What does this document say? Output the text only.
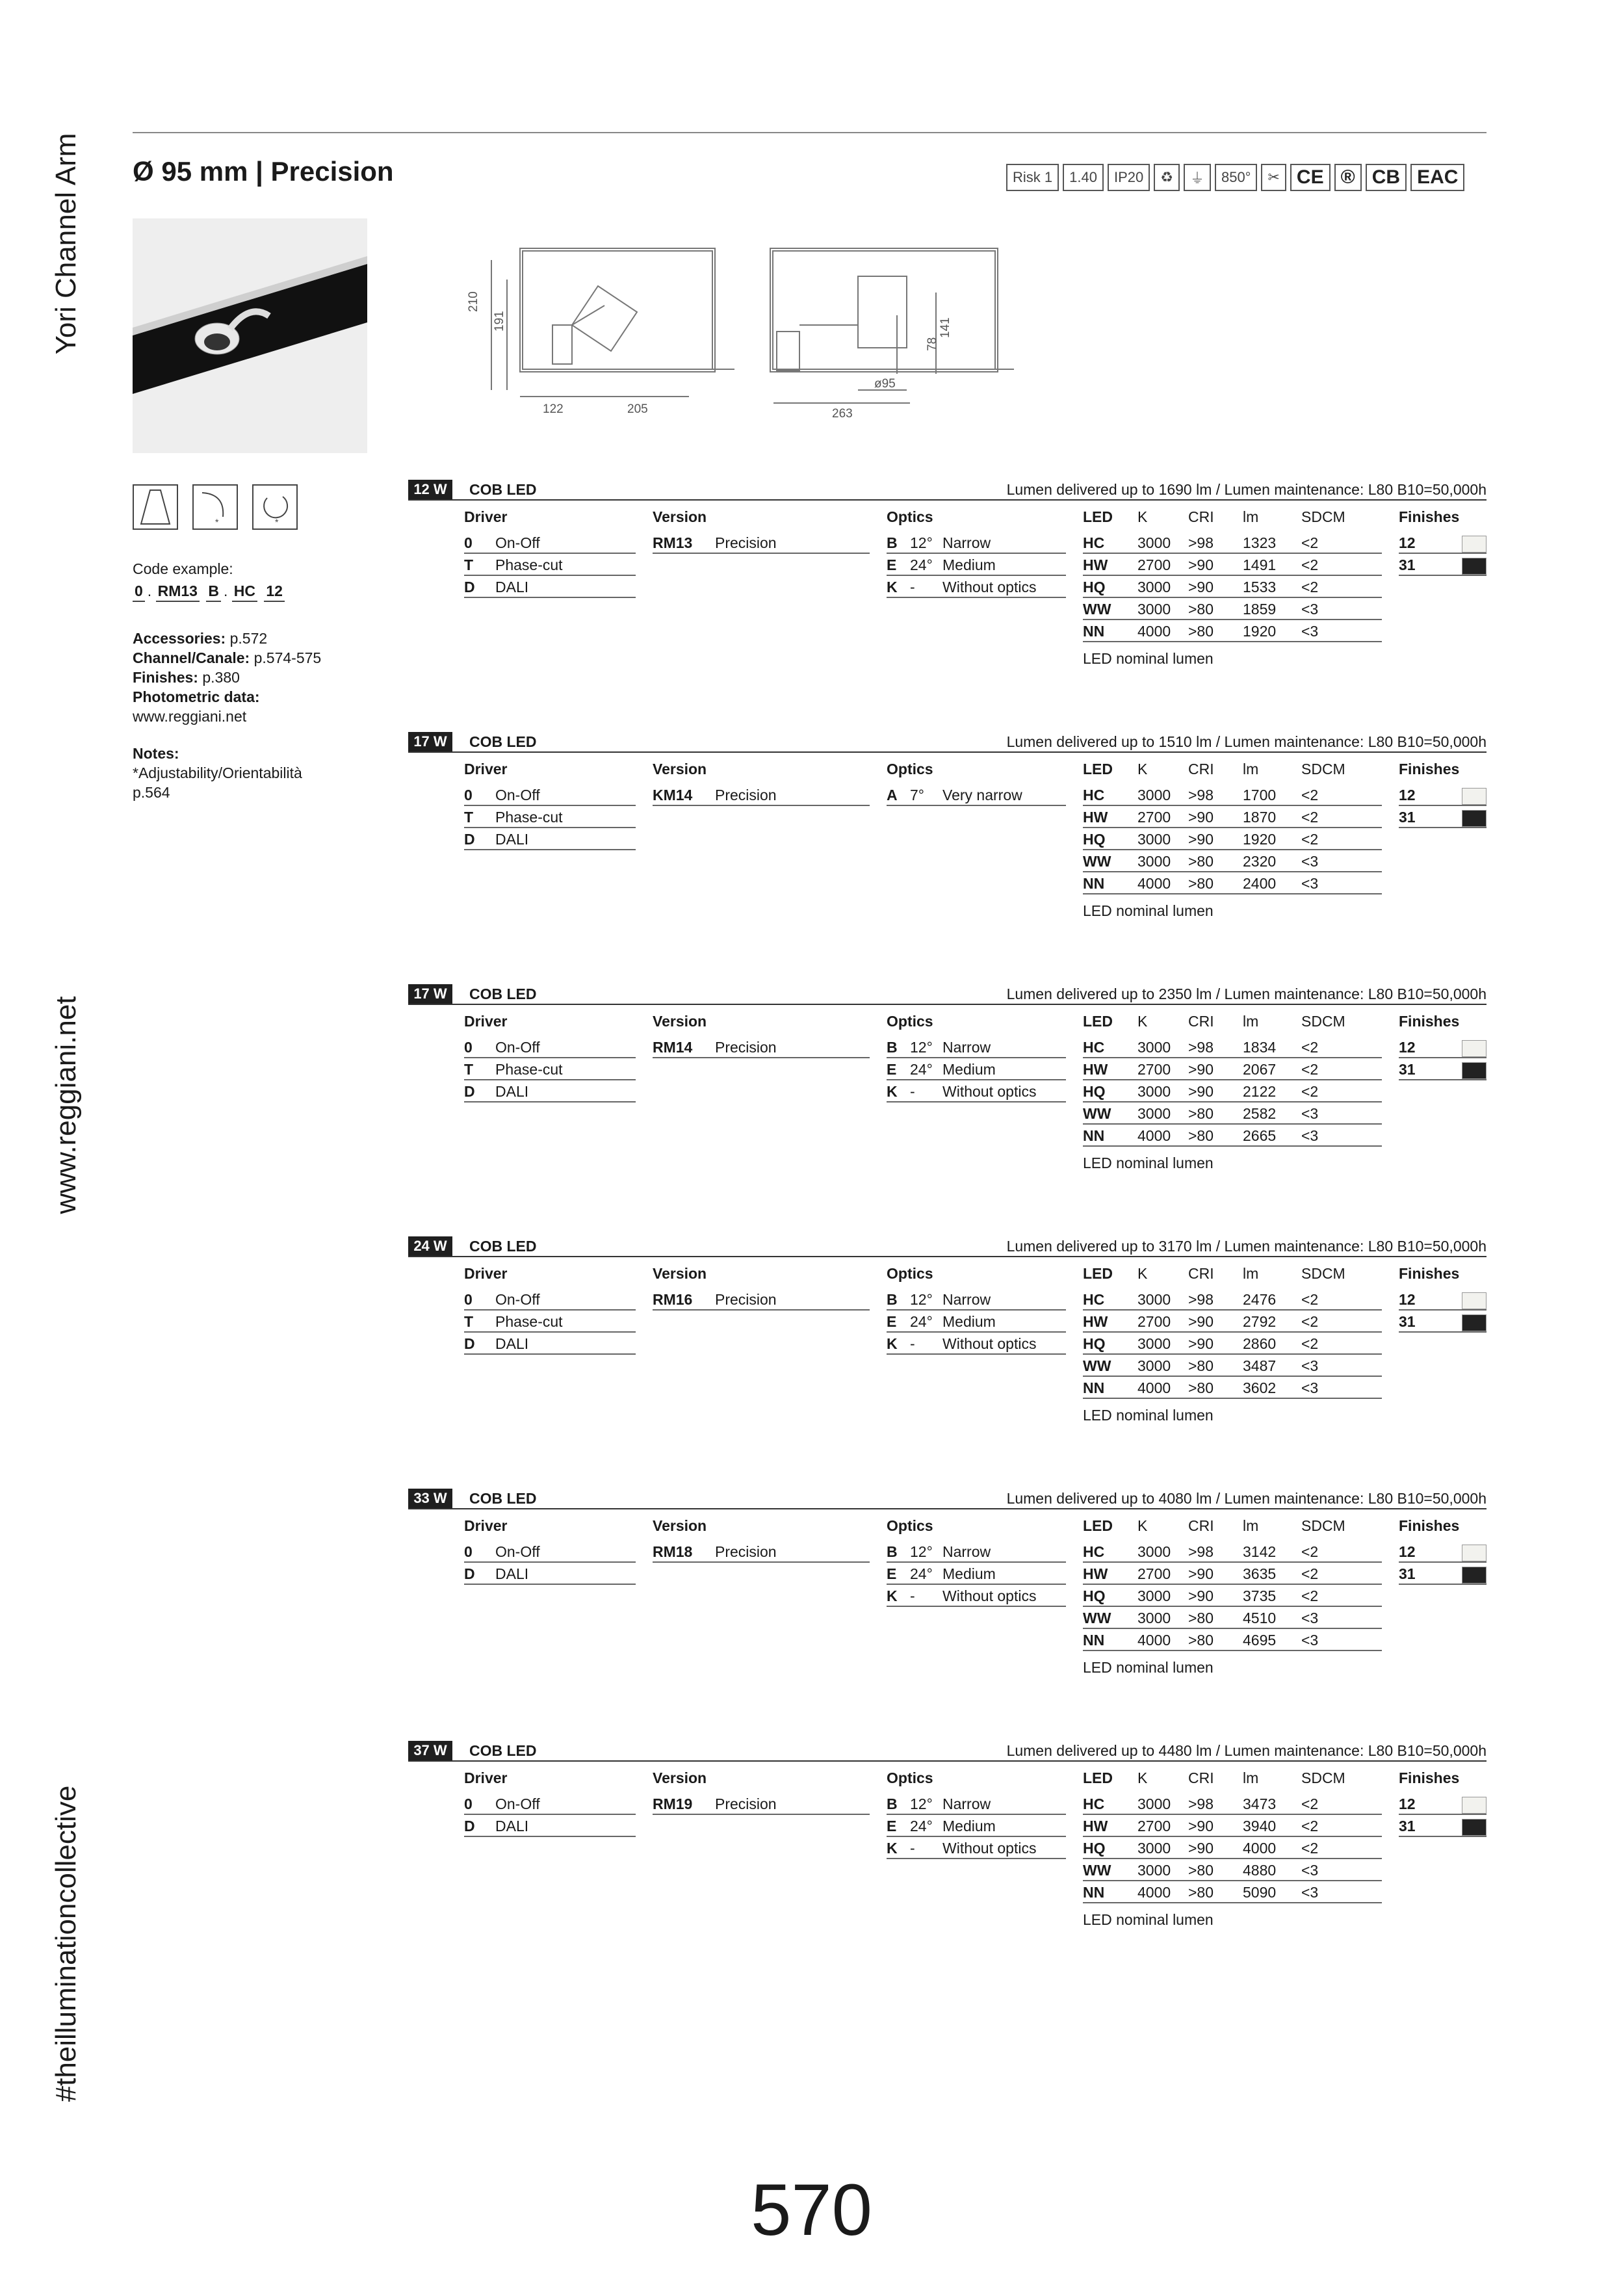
Yori Channel Arm
www.reggiani.net
#theilluminationcollective
Ø 95 mm | Precision	Risk 1	1.40	IP20	♻	⏚	850°	✂ CE ® CB EAC
210
191
122	205
78
141
ø95
263
*	*
Code example:
0 . RM13 B . HC 12
Accessories: p.572
Channel/Canale: p.574-575
Finishes: p.380
Photometric data:
www.reggiani.net
Notes:
*Adjustability/Orientabilità
p.564
12 W	COB LED	Lumen delivered up to 1690 lm / Lumen maintenance: L80 B10=50,000h
Driver
0 On-Off
T Phase-cut
D DALI
Version
RM13 Precision
Optics
B 12° Narrow
E 24° Medium
K - Without optics
LED K	CRI lm	SDCM
HC 3000 >98 1323 <2
HW 2700 >90 1491 <2
HQ 3000 >90 1533 <2
WW 3000 >80 1859 <3
NN 4000 >80 1920 <3
LED nominal lumen
Finishes
12
31
17 W	COB LED	Lumen delivered up to 1510 lm / Lumen maintenance: L80 B10=50,000h
Driver
0 On-Off
T Phase-cut
D DALI
Version
KM14 Precision
Optics
A 7° Very narrow
LED K	CRI lm	SDCM
HC 3000 >98 1700 <2
HW 2700 >90 1870 <2
HQ 3000 >90 1920 <2
WW 3000 >80 2320 <3
NN 4000 >80 2400 <3
LED nominal lumen
Finishes
12
31
17 W	COB LED	Lumen delivered up to 2350 lm / Lumen maintenance: L80 B10=50,000h
Driver
0 On-Off
T Phase-cut
D DALI
Version
RM14 Precision
Optics
B 12° Narrow
E 24° Medium
K - Without optics
LED K	CRI lm	SDCM
HC 3000 >98 1834 <2
HW 2700 >90 2067 <2
HQ 3000 >90 2122 <2
WW 3000 >80 2582 <3
NN 4000 >80 2665 <3
LED nominal lumen
Finishes
12
31
24 W	COB LED	Lumen delivered up to 3170 lm / Lumen maintenance: L80 B10=50,000h
Driver
0 On-Off
T Phase-cut
D DALI
Version
RM16 Precision
Optics
B 12° Narrow
E 24° Medium
K - Without optics
LED K	CRI lm	SDCM
HC 3000 >98 2476 <2
HW 2700 >90 2792 <2
HQ 3000 >90 2860 <2
WW 3000 >80 3487 <3
NN 4000 >80 3602 <3
LED nominal lumen
Finishes
12
31
33 W	COB LED	Lumen delivered up to 4080 lm / Lumen maintenance: L80 B10=50,000h
Driver
0 On-Off
D DALI
Version
RM18 Precision
Optics
B 12° Narrow
E 24° Medium
K - Without optics
LED K	CRI lm	SDCM
HC 3000 >98 3142 <2
HW 2700 >90 3635 <2
HQ 3000 >90 3735 <2
WW 3000 >80 4510 <3
NN 4000 >80 4695 <3
LED nominal lumen
Finishes
12
31
37 W	COB LED	Lumen delivered up to 4480 lm / Lumen maintenance: L80 B10=50,000h
Driver
0 On-Off
D DALI
Version
RM19 Precision
Optics
B 12° Narrow
E 24° Medium
K - Without optics
LED K	CRI lm	SDCM
HC 3000 >98 3473 <2
HW 2700 >90 3940 <2
HQ 3000 >90 4000 <2
WW 3000 >80 4880 <3
NN 4000 >80 5090 <3
LED nominal lumen
Finishes
12
31
570
